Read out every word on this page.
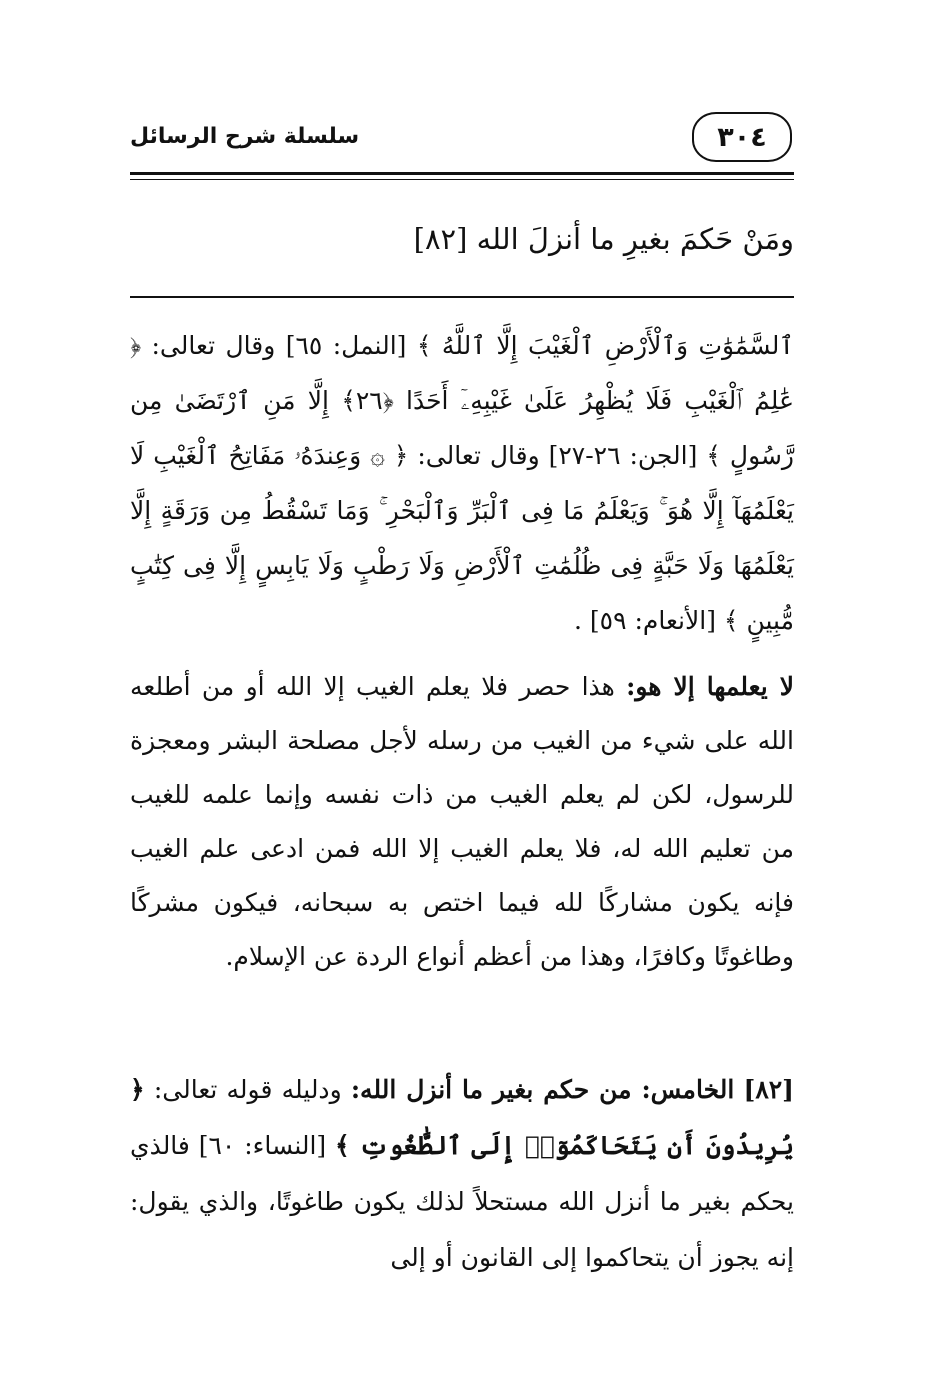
٣٠٤
سلسلة شرح الرسائل
ومَنْ حَكمَ بغيرِ ما أنزلَ الله [٨٢]

ٱلسَّمَٰوَٰتِ وَٱلْأَرْضِ ٱلْغَيْبَ إِلَّا ٱللَّهُ ﴾ [النمل: ٦٥] وقال تعالى: ﴿ عَٰلِمُ ٱلْغَيْبِ فَلَا يُظْهِرُ عَلَىٰ غَيْبِهِۦٓ أَحَدًا ﴿٢٦﴾ إِلَّا مَنِ ٱرْتَضَىٰ مِن رَّسُولٍ ﴾ [الجن: ٢٦-٢٧] وقال تعالى: ﴿ ۞ وَعِندَهُۥ مَفَاتِحُ ٱلْغَيْبِ لَا يَعْلَمُهَآ إِلَّا هُوَ ۚ وَيَعْلَمُ مَا فِى ٱلْبَرِّ وَٱلْبَحْرِ ۚ وَمَا تَسْقُطُ مِن وَرَقَةٍ إِلَّا يَعْلَمُهَا وَلَا حَبَّةٍ فِى ظُلُمَٰتِ ٱلْأَرْضِ وَلَا رَطْبٍ وَلَا يَابِسٍ إِلَّا فِى كِتَٰبٍ مُّبِينٍ ﴾ [الأنعام: ٥٩] .

لا يعلمها إلا هو: هذا حصر فلا يعلم الغيب إلا الله أو من أطلعه الله على شيء من الغيب من رسله لأجل مصلحة البشر ومعجزة للرسول، لكن لم يعلم الغيب من ذات نفسه وإنما علمه للغيب من تعليم الله له، فلا يعلم الغيب إلا الله فمن ادعى علم الغيب فإنه يكون مشاركًا لله فيما اختص به سبحانه، فيكون مشركًا وطاغوتًا وكافرًا، وهذا من أعظم أنواع الردة عن الإسلام.

[٨٢] الخامس: من حكم بغير ما أنزل الله: ودليله قوله تعالى: ﴿ يُرِيدُونَ أَن يَتَحَاكَمُوٓا۟ إِلَى ٱلطَّٰغُوتِ ﴾ [النساء: ٦٠] فالذي يحكم بغير ما أنزل الله مستحلاً لذلك يكون طاغوتًا، والذي يقول: إنه يجوز أن يتحاكموا إلى القانون أو إلى
